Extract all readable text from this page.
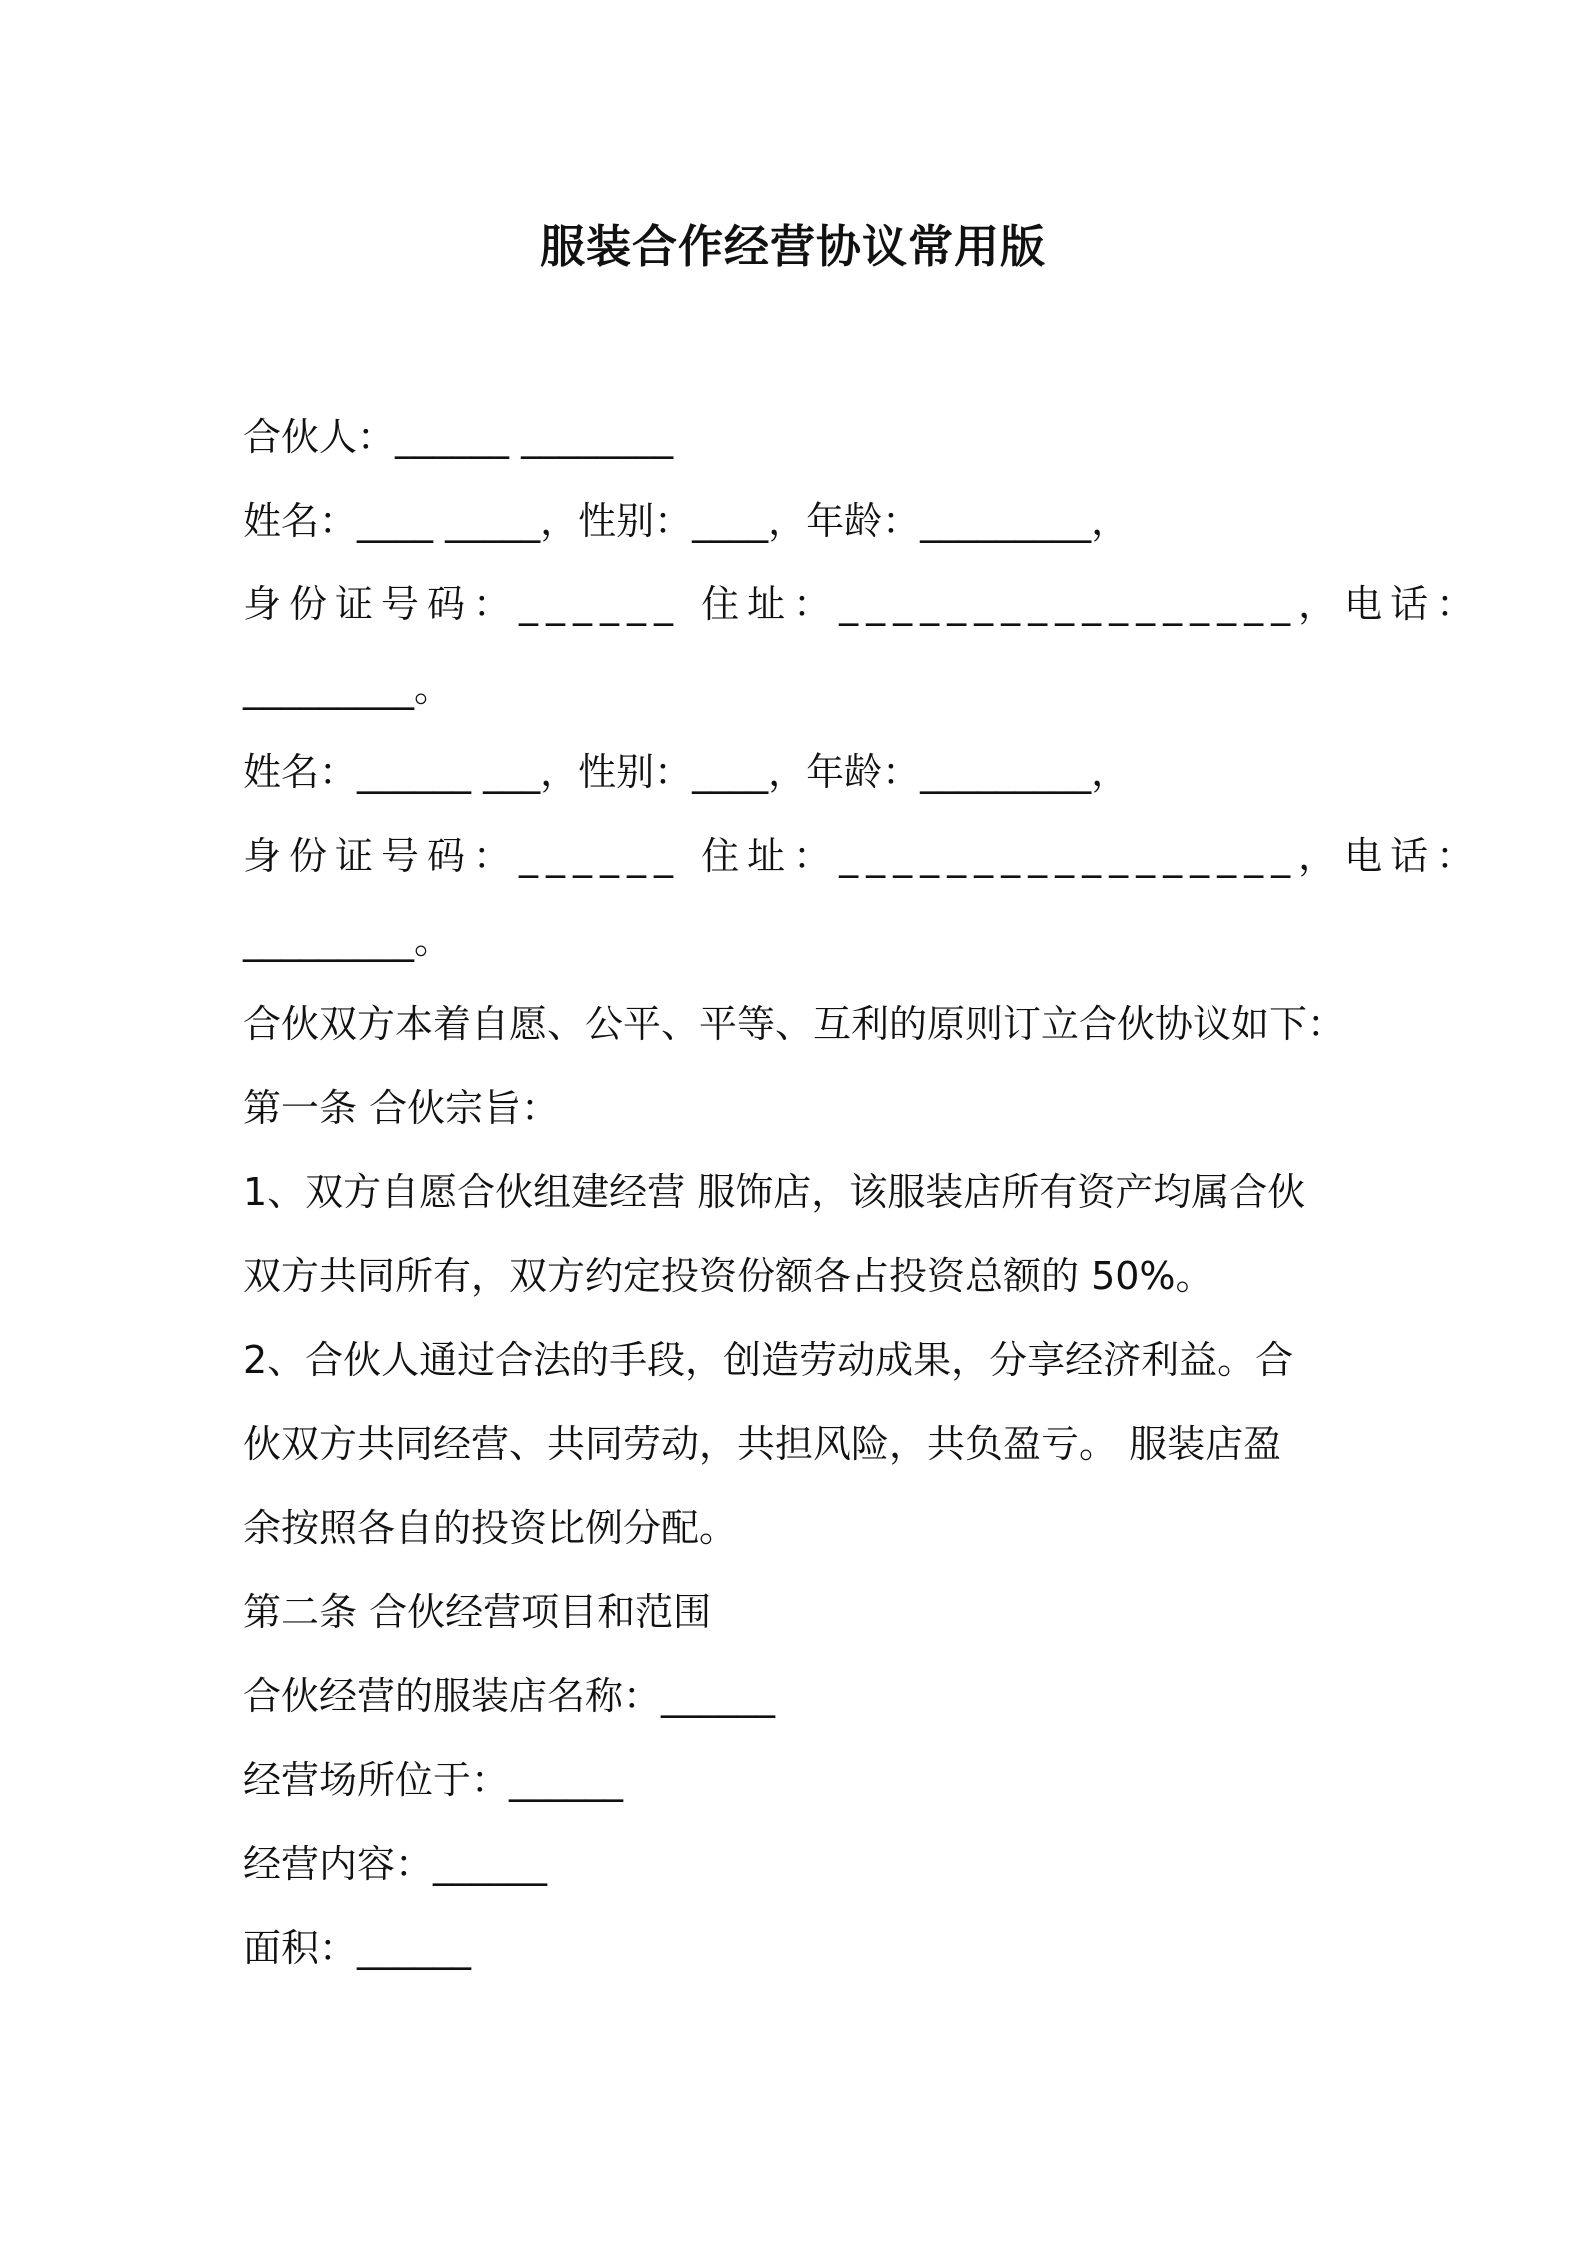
服装合作经营协议常用版
合伙人：______ ________
姓名：____ _____，性别：____，年龄：_________，
身份证号码：______ 住址：_________________，电话：
_________。
姓名：______ ___，性别：____，年龄：_________，
身份证号码：______ 住址：_________________，电话：
_________。
合伙双方本着自愿、公平、平等、互利的原则订立合伙协议如下：
第一条 合伙宗旨：
1、双方自愿合伙组建经营 服饰店，该服装店所有资产均属合伙
双方共同所有，双方约定投资份额各占投资总额的 50%。
2、合伙人通过合法的手段，创造劳动成果，分享经济利益。合
伙双方共同经营、共同劳动，共担风险，共负盈亏。 服装店盈
余按照各自的投资比例分配。
第二条 合伙经营项目和范围
合伙经营的服装店名称：______
经营场所位于：______
经营内容：______
面积：______
